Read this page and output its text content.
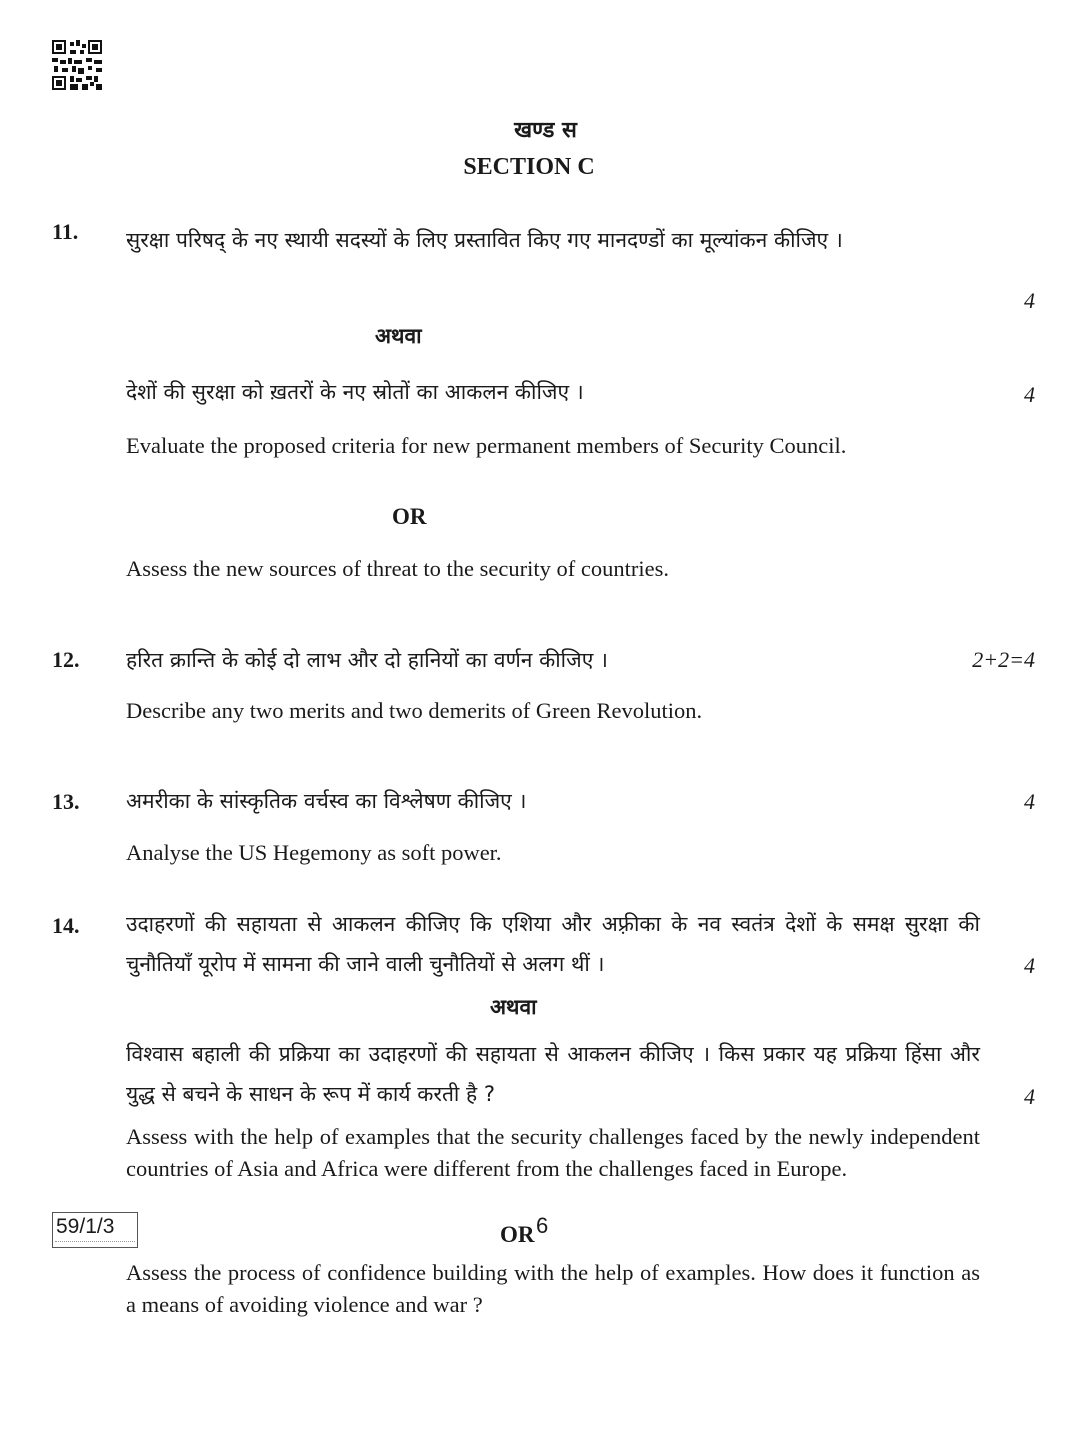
खण्ड स
SECTION C
11. सुरक्षा परिषद् के नए स्थायी सदस्यों के लिए प्रस्तावित किए गए मानदण्डों का मूल्यांकन कीजिए ।
4
अथवा
देशों की सुरक्षा को ख़तरों के नए स्रोतों का आकलन कीजिए ।	4
Evaluate the proposed criteria for new permanent members of Security Council.
OR
Assess the new sources of threat to the security of countries.
12. हरित क्रान्ति के कोई दो लाभ और दो हानियों का वर्णन कीजिए ।	2+2=4
Describe any two merits and two demerits of Green Revolution.
13. अमरीका के सांस्कृतिक वर्चस्व का विश्लेषण कीजिए ।	4
Analyse the US Hegemony as soft power.
14. उदाहरणों की सहायता से आकलन कीजिए कि एशिया और अफ़्रीका के नव स्वतंत्र देशों के समक्ष सुरक्षा की चुनौतियाँ यूरोप में सामना की जाने वाली चुनौतियों से अलग थीं ।	4
अथवा
विश्वास बहाली की प्रक्रिया का उदाहरणों की सहायता से आकलन कीजिए । किस प्रकार यह प्रक्रिया हिंसा और युद्ध से बचने के साधन के रूप में कार्य करती है ?	4
Assess with the help of examples that the security challenges faced by the newly independent countries of Asia and Africa were different from the challenges faced in Europe.
OR
Assess the process of confidence building with the help of examples. How does it function as a means of avoiding violence and war ?
59/1/3	6
